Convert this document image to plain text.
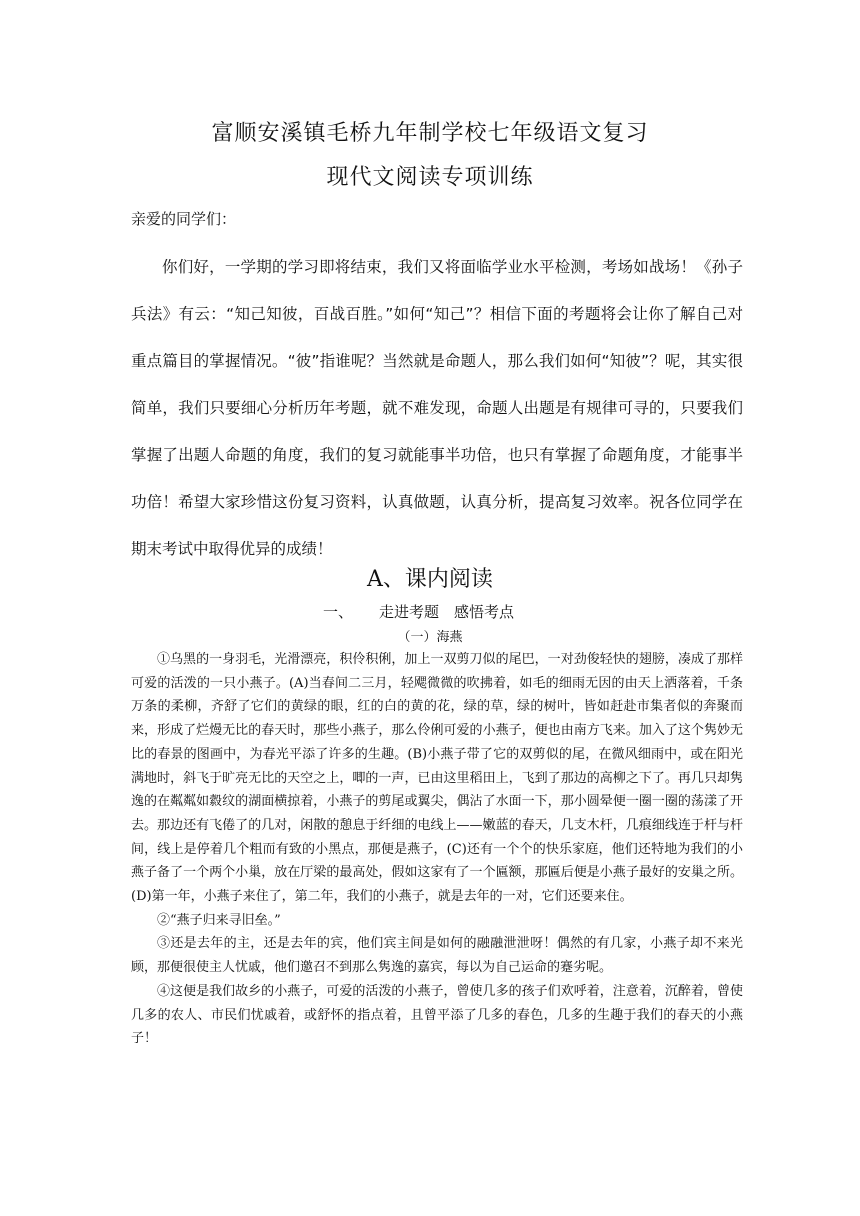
富顺安溪镇毛桥九年制学校七年级语文复习
现代文阅读专项训练
亲爱的同学们：
你们好，一学期的学习即将结束，我们又将面临学业水平检测，考场如战场！《孙子兵法》有云：“知己知彼，百战百胜。”如何“知己”？相信下面的考题将会让你了解自己对重点篇目的掌握情况。“彼”指谁呢？当然就是命题人，那么我们如何“知彼”？呢，其实很简单，我们只要细心分析历年考题，就不难发现，命题人出题是有规律可寻的，只要我们掌握了出题人命题的角度，我们的复习就能事半功倍，也只有掌握了命题角度，才能事半功倍！希望大家珍惜这份复习资料，认真做题，认真分析，提高复习效率。祝各位同学在期末考试中取得优异的成绩！
A、课内阅读
一、 走进考题　感悟考点
（一）海燕

①乌黑的一身羽毛，光滑漂亮，积伶积俐，加上一双剪刀似的尾巴，一对劲俊轻快的翅膀，凑成了那样可爱的活泼的一只小燕子。(A)当春间二三月，轻飔微微的吹拂着，如毛的细雨无因的由天上洒落着，千条万条的柔柳，齐舒了它们的黄绿的眼，红的白的黄的花，绿的草，绿的树叶，皆如赶赴市集者似的奔聚而来，形成了烂熳无比的春天时，那些小燕子，那么伶俐可爱的小燕子，便也由南方飞来。加入了这个隽妙无比的春景的图画中，为春光平添了许多的生趣。(B)小燕子带了它的双剪似的尾，在微风细雨中，或在阳光满地时，斜飞于旷亮无比的天空之上，唧的一声，已由这里稻田上，飞到了那边的高柳之下了。再几只却隽逸的在粼粼如縠纹的湖面横掠着，小燕子的剪尾或翼尖，偶沾了水面一下，那小圆晕便一圈一圈的荡漾了开去。那边还有飞倦了的几对，闲散的憩息于纤细的电线上——嫩蓝的春天，几支木杆，几痕细线连于杆与杆间，线上是停着几个粗而有致的小黑点，那便是燕子，(C)还有一个个的快乐家庭，他们还特地为我们的小燕子备了一个两个小巢，放在厅梁的最高处，假如这家有了一个匾额，那匾后便是小燕子最好的安巢之所。(D)第一年，小燕子来住了，第二年，我们的小燕子，就是去年的一对，它们还要来住。

②“燕子归来寻旧垒。”

③还是去年的主，还是去年的宾，他们宾主间是如何的融融泄泄呀！偶然的有几家，小燕子却不来光顾，那便很使主人忧戚，他们邀召不到那么隽逸的嘉宾，每以为自己运命的蹇劣呢。

④这便是我们故乡的小燕子，可爱的活泼的小燕子，曾使几多的孩子们欢呼着，注意着，沉醉着，曾使几多的农人、市民们忧戚着，或舒怀的指点着，且曾平添了几多的春色，几多的生趣于我们的春天的小燕子！
